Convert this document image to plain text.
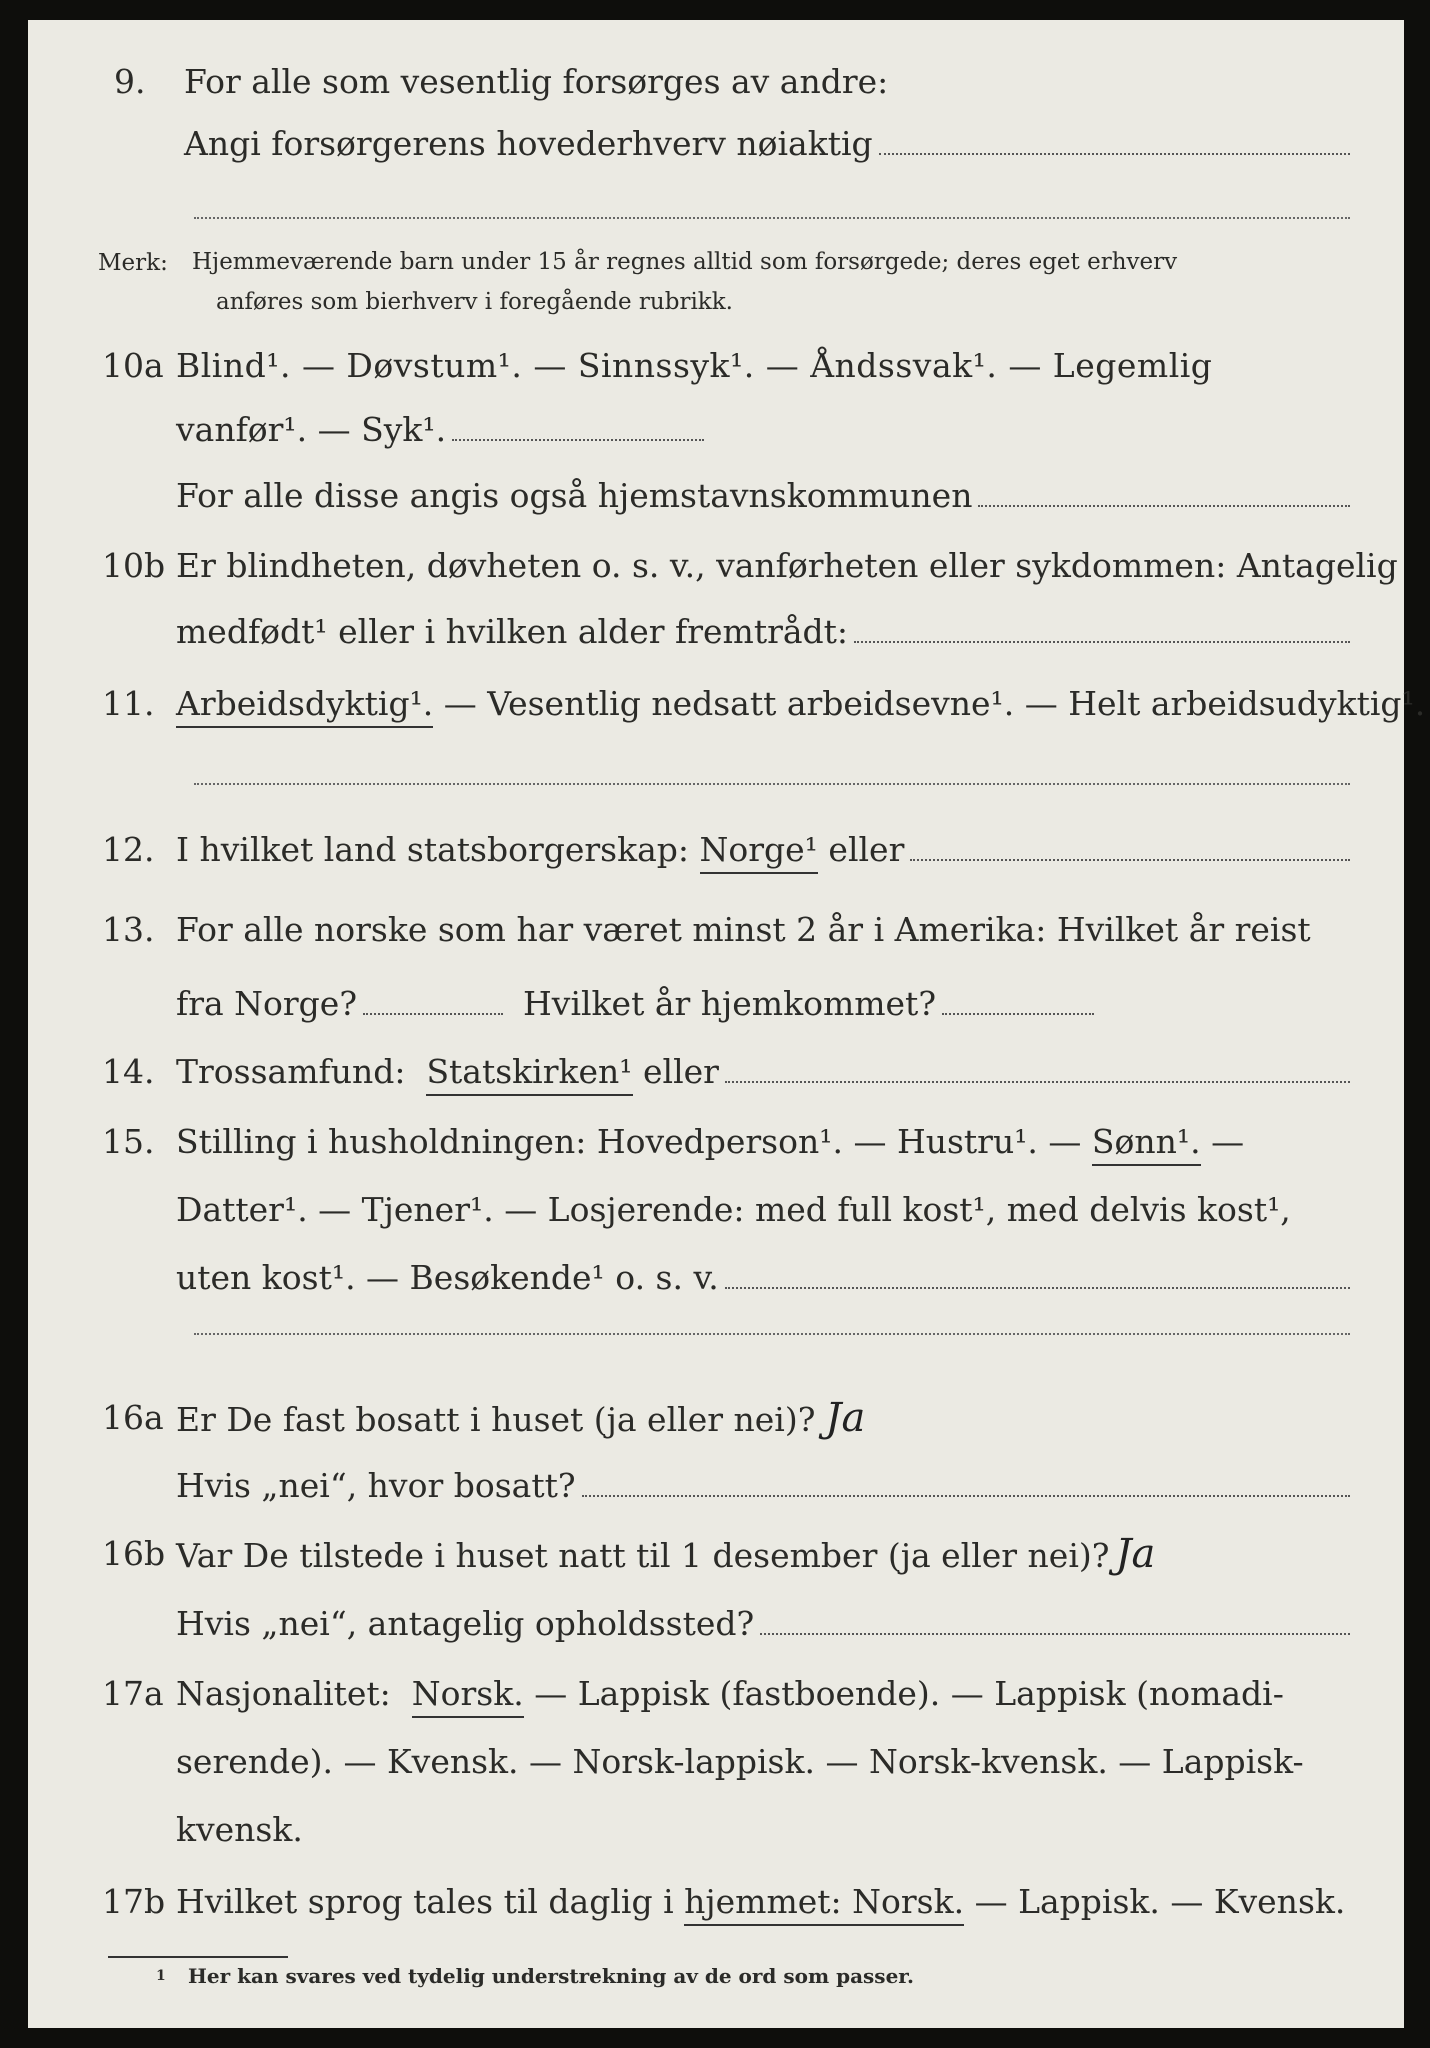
9. For alle som vesentlig forsørges av andre:
Angi forsørgerens hovederhverv nøiaktig
Merk: Hjemmeværende barn under 15 år regnes alltid som forsørgede; deres eget erhverv
anføres som bierhverv i foregående rubrikk.
10a Blind¹. — Døvstum¹. — Sinnssyk¹. — Åndssvak¹. — Legemlig
vanfør¹. — Syk¹.
For alle disse angis også hjemstavnskommunen
10b Er blindheten, døvheten o. s. v., vanførheten eller sykdommen: Antagelig
medfødt¹ eller i hvilken alder fremtrådt:
11. Arbeidsdyktig¹.
— Vesentlig nedsatt arbeidsevne¹. — Helt arbeidsudyktig¹.
12. I hvilket land statsborgerskap:
Norge¹
eller
13. For alle norske som har været minst 2 år i Amerika: Hvilket år reist
fra Norge?	Hvilket år hjemkommet?
14. Trossamfund:
Statskirken¹
eller
15. Stilling i husholdningen: Hovedperson¹. — Hustru¹. —
Sønn¹.
—
Datter¹. — Tjener¹. — Losjerende: med full kost¹, med delvis kost¹,
uten kost¹. — Besøkende¹ o. s. v.
16a Er De fast bosatt i huset (ja eller nei)? Ja
Hvis „nei“, hvor bosatt?
16b Var De tilstede i huset natt til 1 desember (ja eller nei)? Ja
Hvis „nei“, antagelig opholdssted?
17a Nasjonalitet:
Norsk.
— Lappisk (fastboende). — Lappisk (nomadi-
serende). — Kvensk. — Norsk-lappisk. — Norsk-kvensk. — Lappisk-
kvensk.
17b Hvilket sprog tales til daglig i
hjemmet: Norsk.
— Lappisk. — Kvensk.
1 Her kan svares ved tydelig understrekning av de ord som passer.
